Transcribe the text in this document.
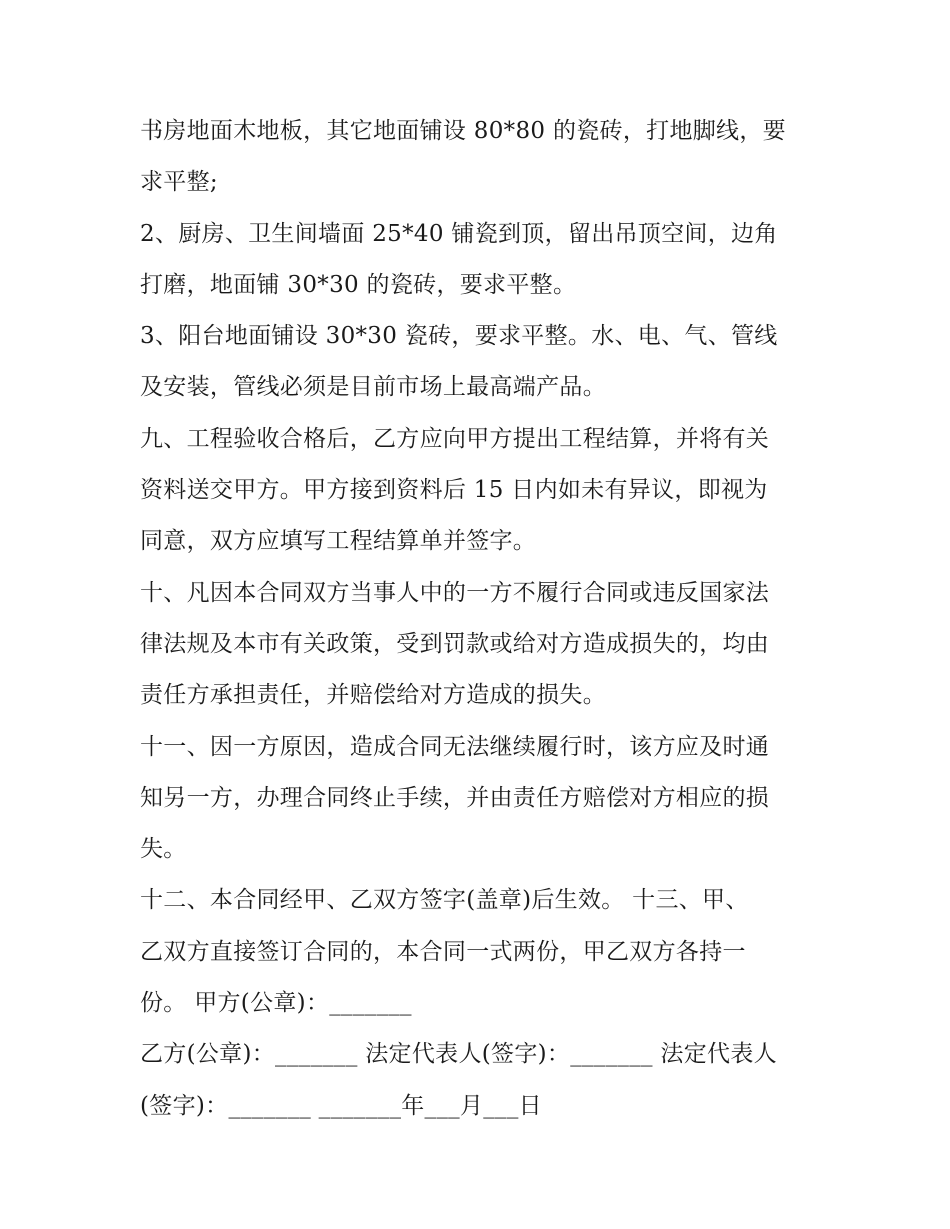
书房地面木地板，其它地面铺设 80*80 的瓷砖，打地脚线，要
求平整;
2、厨房、卫生间墙面 25*40 铺瓷到顶，留出吊顶空间，边角
打磨，地面铺 30*30 的瓷砖，要求平整。
3、阳台地面铺设 30*30 瓷砖，要求平整。水、电、气、管线
及安装，管线必须是目前市场上最高端产品。
九、工程验收合格后，乙方应向甲方提出工程结算，并将有关
资料送交甲方。甲方接到资料后 15 日内如未有异议，即视为
同意，双方应填写工程结算单并签字。
十、凡因本合同双方当事人中的一方不履行合同或违反国家法
律法规及本市有关政策，受到罚款或给对方造成损失的，均由
责任方承担责任，并赔偿给对方造成的损失。
十一、因一方原因，造成合同无法继续履行时，该方应及时通
知另一方，办理合同终止手续，并由责任方赔偿对方相应的损
失。
十二、本合同经甲、乙双方签字(盖章)后生效。 十三、甲、
乙双方直接签订合同的，本合同一式两份，甲乙双方各持一
份。 甲方(公章)：_______
乙方(公章)：_______ 法定代表人(签字)：_______ 法定代表人
(签字)：_______ _______年___月___日
